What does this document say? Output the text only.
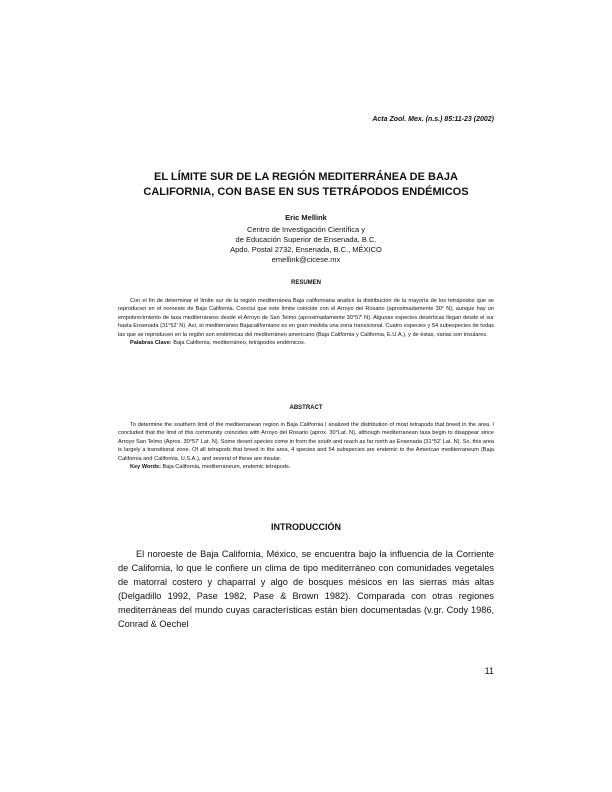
Acta Zool. Mex. (n.s.) 85:11-23 (2002)
EL LÍMITE SUR DE LA REGIÓN MEDITERRÁNEA DE BAJA
CALIFORNIA, CON BASE EN SUS TETRÁPODOS ENDÉMICOS
Eric Mellink
Centro de Investigación Científica y
de Educación Superior de Ensenada, B.C.
Apdo. Postal 2732, Ensenada, B.C., MÉXICO
emellink@cicese.mx
RESUMEN

Con el fin de determinar el límite sur de la región mediterránea Baja californiana analicé la distribución de la mayoría de los tetrápodos que se reproducen en el noroeste de Baja California. Concluí que este límite coincide con el Arroyo del Rosario (aproximadamente 30° N), aunque hay un empobrecimiento de taxa mediterráneos desde el Arroyo de San Telmo (aproximadamente 30°57' N). Algunas especies desérticas llegan desde el sur hasta Ensenada (31°52' N). Así, el mediterráneo Bajacaliforniano es en gran medida una zona transicional. Cuatro especies y 54 subespecies de todas las que se reproducen en la región son endémicas del mediterráneo americano (Baja California y California, E.U.A.), y de éstas, varias son insulares.

Palabras Clave: Baja California, mediterráneo, tetrápodos endémicos.

ABSTRACT

To determine the southern limit of the mediterranean region in Baja California I analized the distribution of most tetrapods that breed in the area. I concluded that the limit of this community coincides with Arroyo del Rosario (aprox. 30°Lat. N), although mediterranean taxa begin to disappear since Arroyo San Telmo (Aprox. 30°57' Lat. N). Some desert species come in from the south and reach as far north as Ensenada (31°52' Lat. N). So, this area is largely a transitional zone. Of all tetrapods that breed in the area, 4 species and 54 subspecies are endemic to the American mediterraneum (Baja California and California, U.S.A.), and several of these are insular.

Key Words: Baja California, mediterraneum, endemic tetrapods.

INTRODUCCIÓN

El noroeste de Baja California, México, se encuentra bajo la influencia de la Corriente de California, lo que le confiere un clima de tipo mediterráneo con comunidades vegetales de matorral costero y chaparral y algo de bosques mésicos en las sierras más altas (Delgadillo 1992, Pase 1982, Pase & Brown 1982). Comparada con otras regiones mediterráneas del mundo cuyas características están bien documentadas (v.gr. Cody 1986, Conrad & Oechel

11
